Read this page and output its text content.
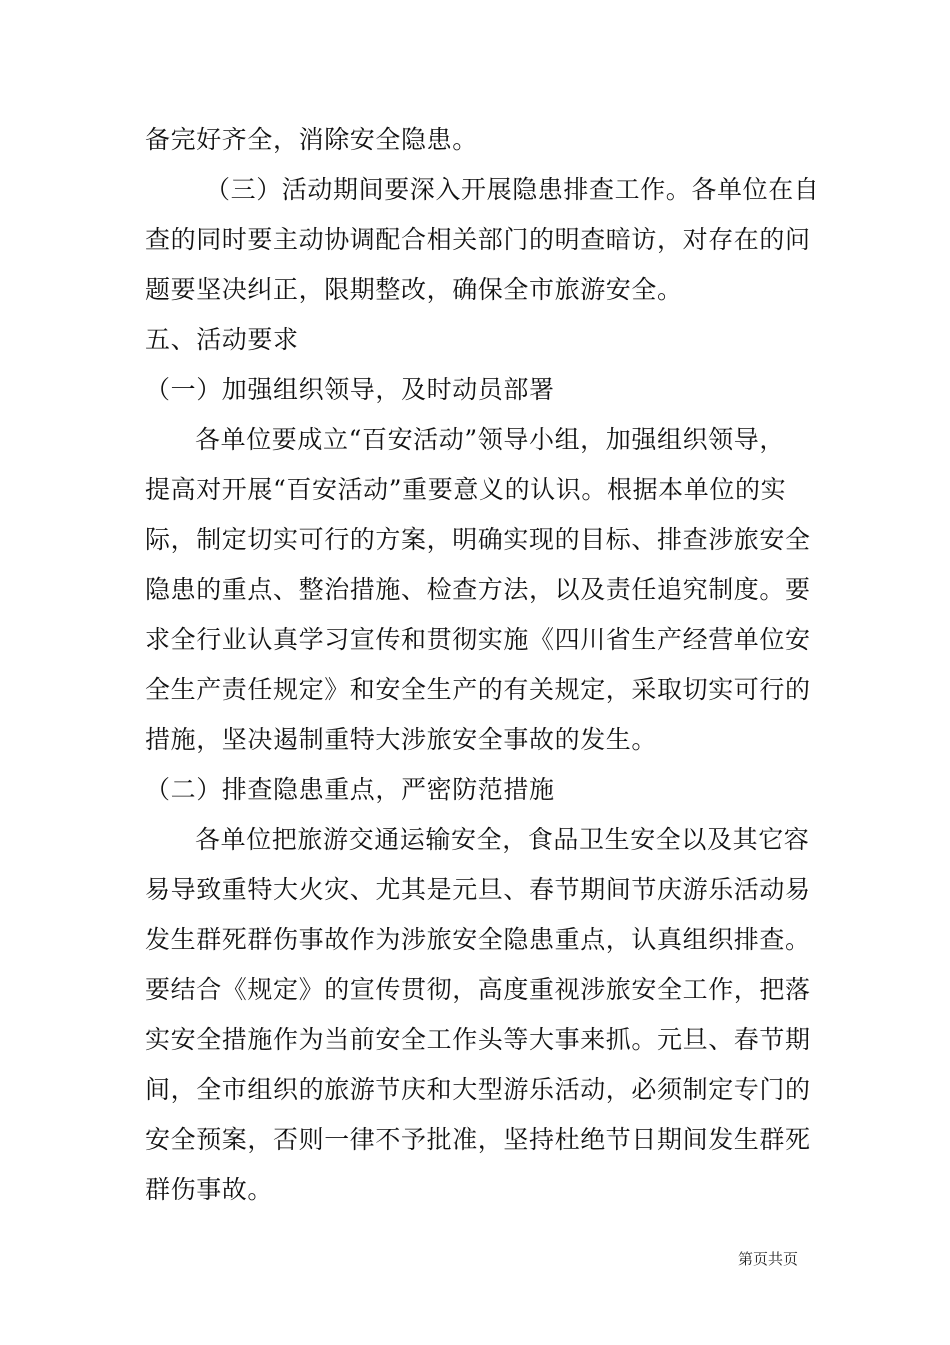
备完好齐全，消除安全隐患。
（三）活动期间要深入开展隐患排查工作。各单位在自
查的同时要主动协调配合相关部门的明查暗访，对存在的问
题要坚决纠正，限期整改，确保全市旅游安全。
五、活动要求
（一）加强组织领导，及时动员部署
各单位要成立“百安活动”领导小组，加强组织领导，
提高对开展“百安活动”重要意义的认识。根据本单位的实
际，制定切实可行的方案，明确实现的目标、排查涉旅安全
隐患的重点、整治措施、检查方法，以及责任追究制度。要
求全行业认真学习宣传和贯彻实施《四川省生产经营单位安
全生产责任规定》和安全生产的有关规定，采取切实可行的
措施，坚决遏制重特大涉旅安全事故的发生。
（二）排查隐患重点，严密防范措施
各单位把旅游交通运输安全，食品卫生安全以及其它容
易导致重特大火灾、尤其是元旦、春节期间节庆游乐活动易
发生群死群伤事故作为涉旅安全隐患重点，认真组织排查。
要结合《规定》的宣传贯彻，高度重视涉旅安全工作，把落
实安全措施作为当前安全工作头等大事来抓。元旦、春节期
间，全市组织的旅游节庆和大型游乐活动，必须制定专门的
安全预案，否则一律不予批准，坚持杜绝节日期间发生群死
群伤事故。
第页共页
